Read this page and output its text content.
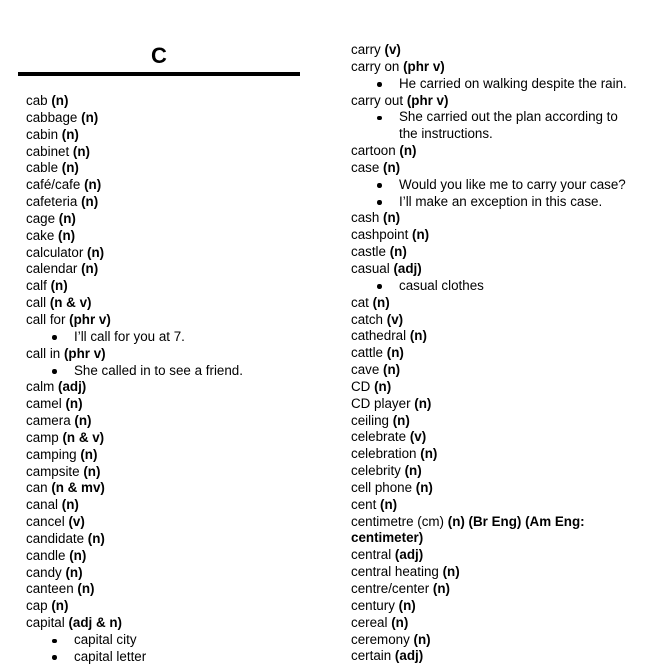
C
cab (n)
cabbage (n)
cabin (n)
cabinet (n)
cable (n)
café/cafe (n)
cafeteria (n)
cage (n)
cake (n)
calculator (n)
calendar (n)
calf (n)
call (n & v)
call for (phr v)
I’ll call for you at 7.
call in (phr v)
She called in to see a friend.
calm (adj)
camel (n)
camera (n)
camp (n & v)
camping (n)
campsite (n)
can (n & mv)
canal (n)
cancel (v)
candidate (n)
candle (n)
candy (n)
canteen (n)
cap (n)
capital (adj & n)
capital city
capital letter
carry (v)
carry on (phr v)
He carried on walking despite the rain.
carry out (phr v)
She carried out the plan according to
the instructions.
cartoon (n)
case (n)
Would you like me to carry your case?
I’ll make an exception in this case.
cash (n)
cashpoint (n)
castle (n)
casual (adj)
casual clothes
cat (n)
catch (v)
cathedral (n)
cattle (n)
cave (n)
CD (n)
CD player (n)
ceiling (n)
celebrate (v)
celebration (n)
celebrity (n)
cell phone (n)
cent (n)
centimetre (cm) (n) (Br Eng) (Am Eng:
centimeter)
central (adj)
central heating (n)
centre/center (n)
century (n)
cereal (n)
ceremony (n)
certain (adj)
